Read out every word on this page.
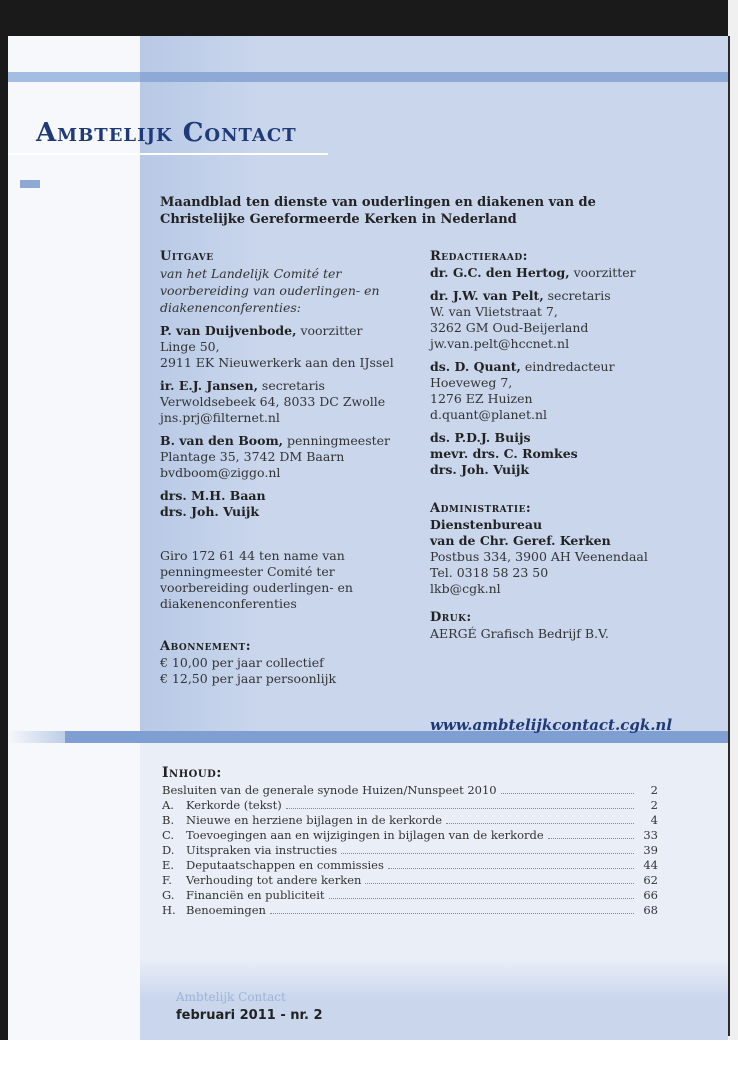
Ambtelijk Contact
Maandblad ten dienste van ouderlingen en diakenen van de Christelijke Gereformeerde Kerken in Nederland
Uitgave
van het Landelijk Comité ter voorbereiding van ouderlingen- en diakenenconferenties:
P. van Duijvenbode, voorzitter
Linge 50,
2911 EK Nieuwerkerk aan den IJssel
ir. E.J. Jansen, secretaris
Verwoldsebeek 64, 8033 DC Zwolle
jns.prj@filternet.nl
B. van den Boom, penningmeester
Plantage 35, 3742 DM Baarn
bvdboom@ziggo.nl
drs. M.H. Baan
drs. Joh. Vuijk
Giro 172 61 44 ten name van
penningmeester Comité ter
voorbereiding ouderlingen- en
diakenenconferenties
Abonnement:
€ 10,00 per jaar collectief
€ 12,50 per jaar persoonlijk
Redactieraad:
dr. G.C. den Hertog, voorzitter
dr. J.W. van Pelt, secretaris
W. van Vlietstraat 7,
3262 GM Oud-Beijerland
jw.van.pelt@hccnet.nl
ds. D. Quant, eindredacteur
Hoeveweg 7,
1276 EZ Huizen
d.quant@planet.nl
ds. P.D.J. Buijs
mevr. drs. C. Romkes
drs. Joh. Vuijk
Administratie:
Dienstenbureau
van de Chr. Geref. Kerken
Postbus 334, 3900 AH Veenendaal
Tel. 0318 58 23 50
lkb@cgk.nl
Druk:
AERGÉ Grafisch Bedrijf B.V.
www.ambtelijkcontact.cgk.nl
Inhoud:
Besluiten van de generale synode Huizen/Nunspeet 2010	2
A.	Kerkorde (tekst)	2
B.	Nieuwe en herziene bijlagen in de kerkorde	4
C.	Toevoegingen aan en wijzigingen in bijlagen van de kerkorde	33
D.	Uitspraken via instructies	39
E.	Deputaatschappen en commissies	44
F.	Verhouding tot andere kerken	62
G.	Financiën en publiciteit	66
H. Benoemingen	68
Ambtelijk Contact
februari 2011 - nr. 2
